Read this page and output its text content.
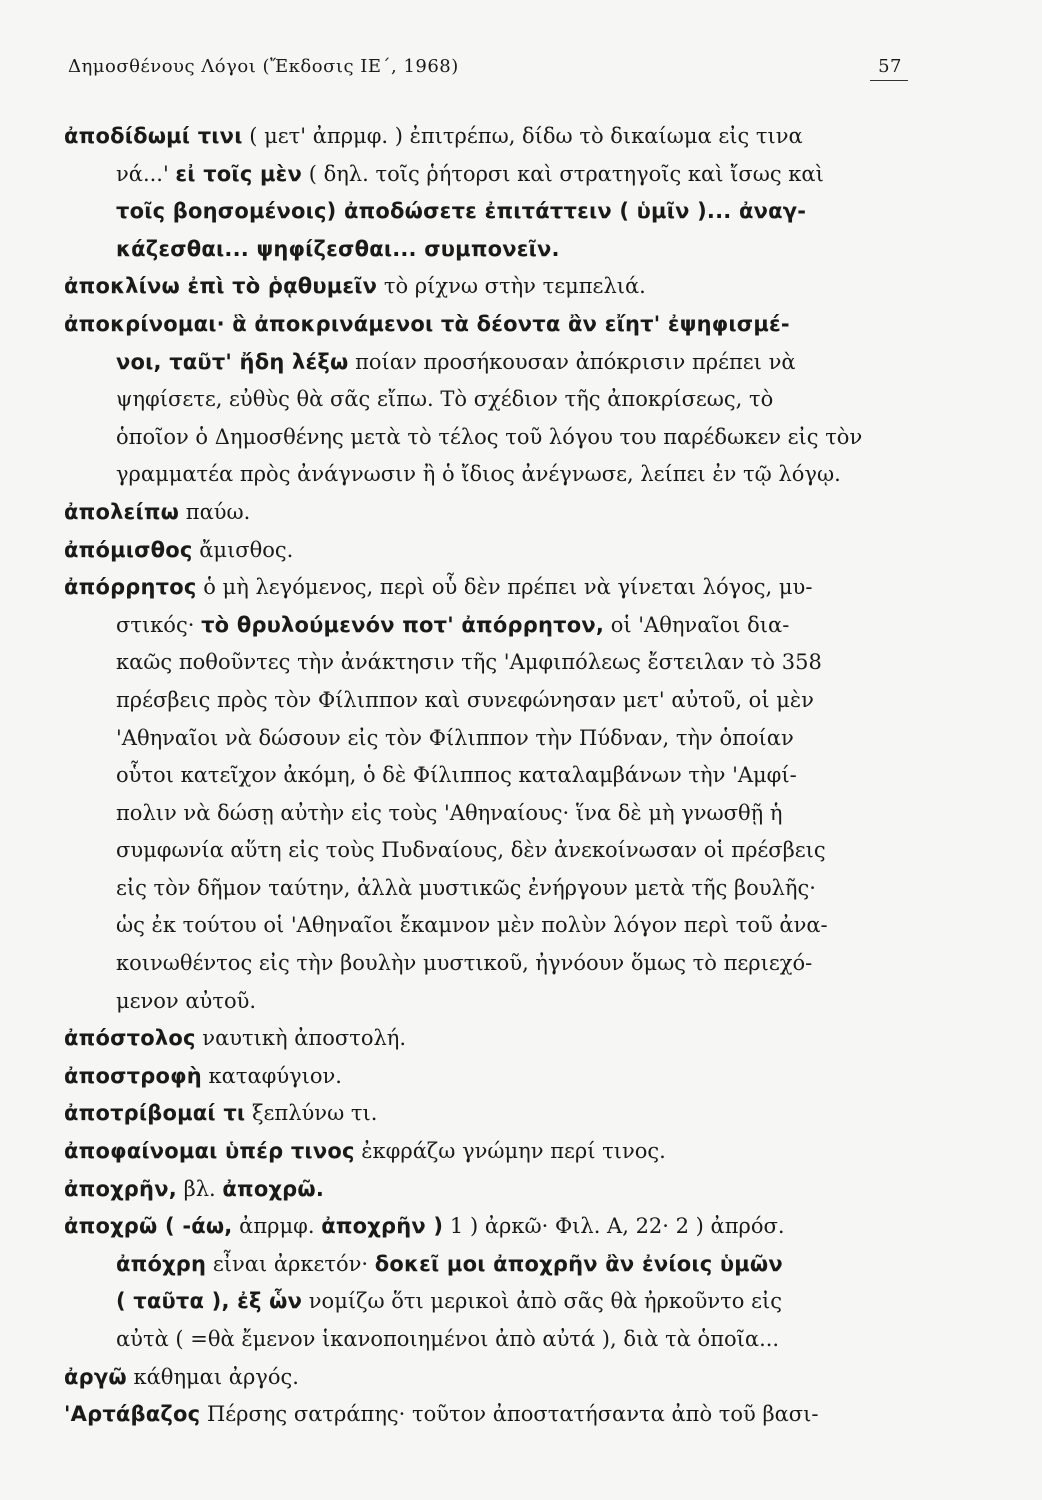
Δημοσθένους Λόγοι (Ἔκδοσις ΙΕ΄, 1968)	57
ἀποδίδωμί τινι ( μετ' ἀπρμφ. ) ἐπιτρέπω, δίδω τὸ δικαίωμα εἰς τινα
νά...' εἰ τοῖς μὲν ( δηλ. τοῖς ῥήτορσι καὶ στρατηγοῖς καὶ ἴσως καὶ
τοῖς βοησομένοις) ἀποδώσετε ἐπιτάττειν ( ὑμῖν )... ἀναγ-
κάζεσθαι... ψηφίζεσθαι... συμπονεῖν.
ἀποκλίνω ἐπὶ τὸ ῥᾳθυμεῖν τὸ ρίχνω στὴν τεμπελιά.
ἀποκρίνομαι· ἃ ἀποκρινάμενοι τὰ δέοντα ἂν εἴητ' ἐψηφισμέ-
νοι, ταῦτ' ἤδη λέξω ποίαν προσήκουσαν ἀπόκρισιν πρέπει νὰ
ψηφίσετε, εὐθὺς θὰ σᾶς εἴπω. Τὸ σχέδιον τῆς ἀποκρίσεως, τὸ
ὁποῖον ὁ Δημοσθένης μετὰ τὸ τέλος τοῦ λόγου του παρέδωκεν εἰς τὸν
γραμματέα πρὸς ἀνάγνωσιν ἢ ὁ ἴδιος ἀνέγνωσε, λείπει ἐν τῷ λόγῳ.
ἀπολείπω παύω.
ἀπόμισθος ἄμισθος.
ἀπόρρητος ὁ μὴ λεγόμενος, περὶ οὗ δὲν πρέπει νὰ γίνεται λόγος, μυ-
στικός· τὸ θρυλούμενόν ποτ' ἀπόρρητον, οἱ 'Αθηναῖοι δια-
καῶς ποθοῦντες τὴν ἀνάκτησιν τῆς 'Αμφιπόλεως ἔστειλαν τὸ 358
πρέσβεις πρὸς τὸν Φίλιππον καὶ συνεφώνησαν μετ' αὐτοῦ, οἱ μὲν
'Αθηναῖοι νὰ δώσουν εἰς τὸν Φίλιππον τὴν Πύδναν, τὴν ὁποίαν
οὗτοι κατεῖχον ἀκόμη, ὁ δὲ Φίλιππος καταλαμβάνων τὴν 'Αμφί-
πολιν νὰ δώσῃ αὐτὴν εἰς τοὺς 'Αθηναίους· ἵνα δὲ μὴ γνωσθῇ ἡ
συμφωνία αὕτη εἰς τοὺς Πυδναίους, δὲν ἀνεκοίνωσαν οἱ πρέσβεις
εἰς τὸν δῆμον ταύτην, ἀλλὰ μυστικῶς ἐνήργουν μετὰ τῆς βουλῆς·
ὡς ἐκ τούτου οἱ 'Αθηναῖοι ἔκαμνον μὲν πολὺν λόγον περὶ τοῦ ἀνα-
κοινωθέντος εἰς τὴν βουλὴν μυστικοῦ, ἠγνόουν ὅμως τὸ περιεχό-
μενον αὐτοῦ.
ἀπόστολος ναυτικὴ ἀποστολή.
ἀποστροφὴ καταφύγιον.
ἀποτρίβομαί τι ξεπλύνω τι.
ἀποφαίνομαι ὑπέρ τινος ἐκφράζω γνώμην περί τινος.
ἀποχρῆν, βλ. ἀποχρῶ.
ἀποχρῶ ( -άω, ἀπρμφ. ἀποχρῆν ) 1 ) ἀρκῶ· Φιλ. Α, 22· 2 ) ἀπρόσ.
ἀπόχρη εἶναι ἀρκετόν· δοκεῖ μοι ἀποχρῆν ἂν ἐνίοις ὑμῶν
( ταῦτα ), ἐξ ὧν νομίζω ὅτι μερικοὶ ἀπὸ σᾶς θὰ ἠρκοῦντο εἰς
αὐτὰ ( =θὰ ἔμενον ἱκανοποιημένοι ἀπὸ αὐτά ), διὰ τὰ ὁποῖα...
ἀργῶ κάθημαι ἀργός.
'Αρτάβαζος Πέρσης σατράπης· τοῦτον ἀποστατήσαντα ἀπὸ τοῦ βασι-
